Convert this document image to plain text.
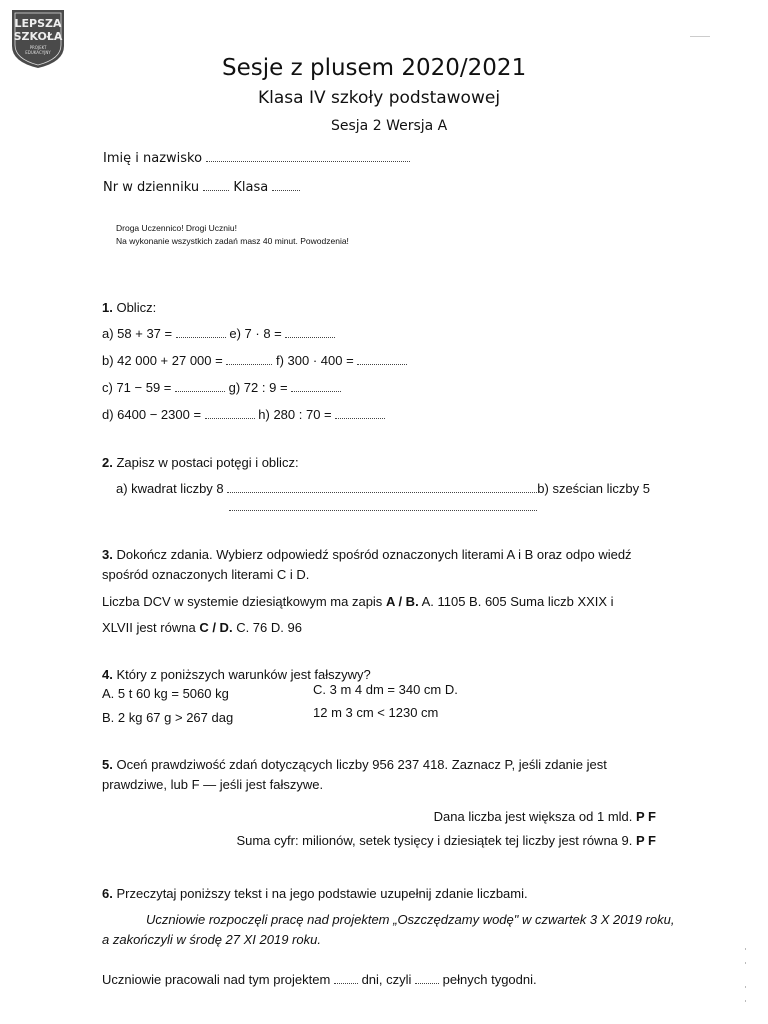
LEPSZA
SZKOŁA
PROJEKT
EDUKACYJNY
Sesje z plusem 2020/2021
Klasa IV szkoły podstawowej
Sesja 2 Wersja A
Imię i nazwisko
Nr w dzienniku	Klasa
Droga Uczennico! Drogi Uczniu!
Na wykonanie wszystkich zadań masz 40 minut. Powodzenia!
1. Oblicz:
a) 58 + 37 =	e) 7 · 8 =
b) 42 000 + 27 000 =	f) 300 · 400 =
c) 71 − 59 =	g) 72 : 9 =
d) 6400 − 2300 =	h) 280 : 70 =
2. Zapisz w postaci potęgi i oblicz:
a) kwadrat liczby 8	b) sześcian liczby 5
3. Dokończ zdania. Wybierz odpowiedź spośród oznaczonych literami A i B oraz odpo wiedź
spośród oznaczonych literami C i D.
Liczba DCV w systemie dziesiątkowym ma zapis A / B. A. 1105 B. 605 Suma liczb XXIX i
XLVII jest równa C / D. C. 76 D. 96
4. Który z poniższych warunków jest fałszywy?
A. 5 t 60 kg = 5060 kg
B. 2 kg 67 g > 267 dag
C. 3 m 4 dm = 340 cm D.
12 m 3 cm < 1230 cm
5. Oceń prawdziwość zdań dotyczących liczby 956 237 418. Zaznacz P, jeśli zdanie jest
prawdziwe, lub F — jeśli jest fałszywe.
Dana liczba jest większa od 1 mld. P F
Suma cyfr: milionów, setek tysięcy i dziesiątek tej liczby jest równa 9. P F
6. Przeczytaj poniższy tekst i na jego podstawie uzupełnij zdanie liczbami.
Uczniowie rozpoczęli pracę nad projektem „Oszczędzamy wodę" w czwartek 3 X 2019 roku,
a zakończyli w środę 27 XI 2019 roku.
Uczniowie pracowali nad tym projektem dni, czyli pełnych tygodni.
